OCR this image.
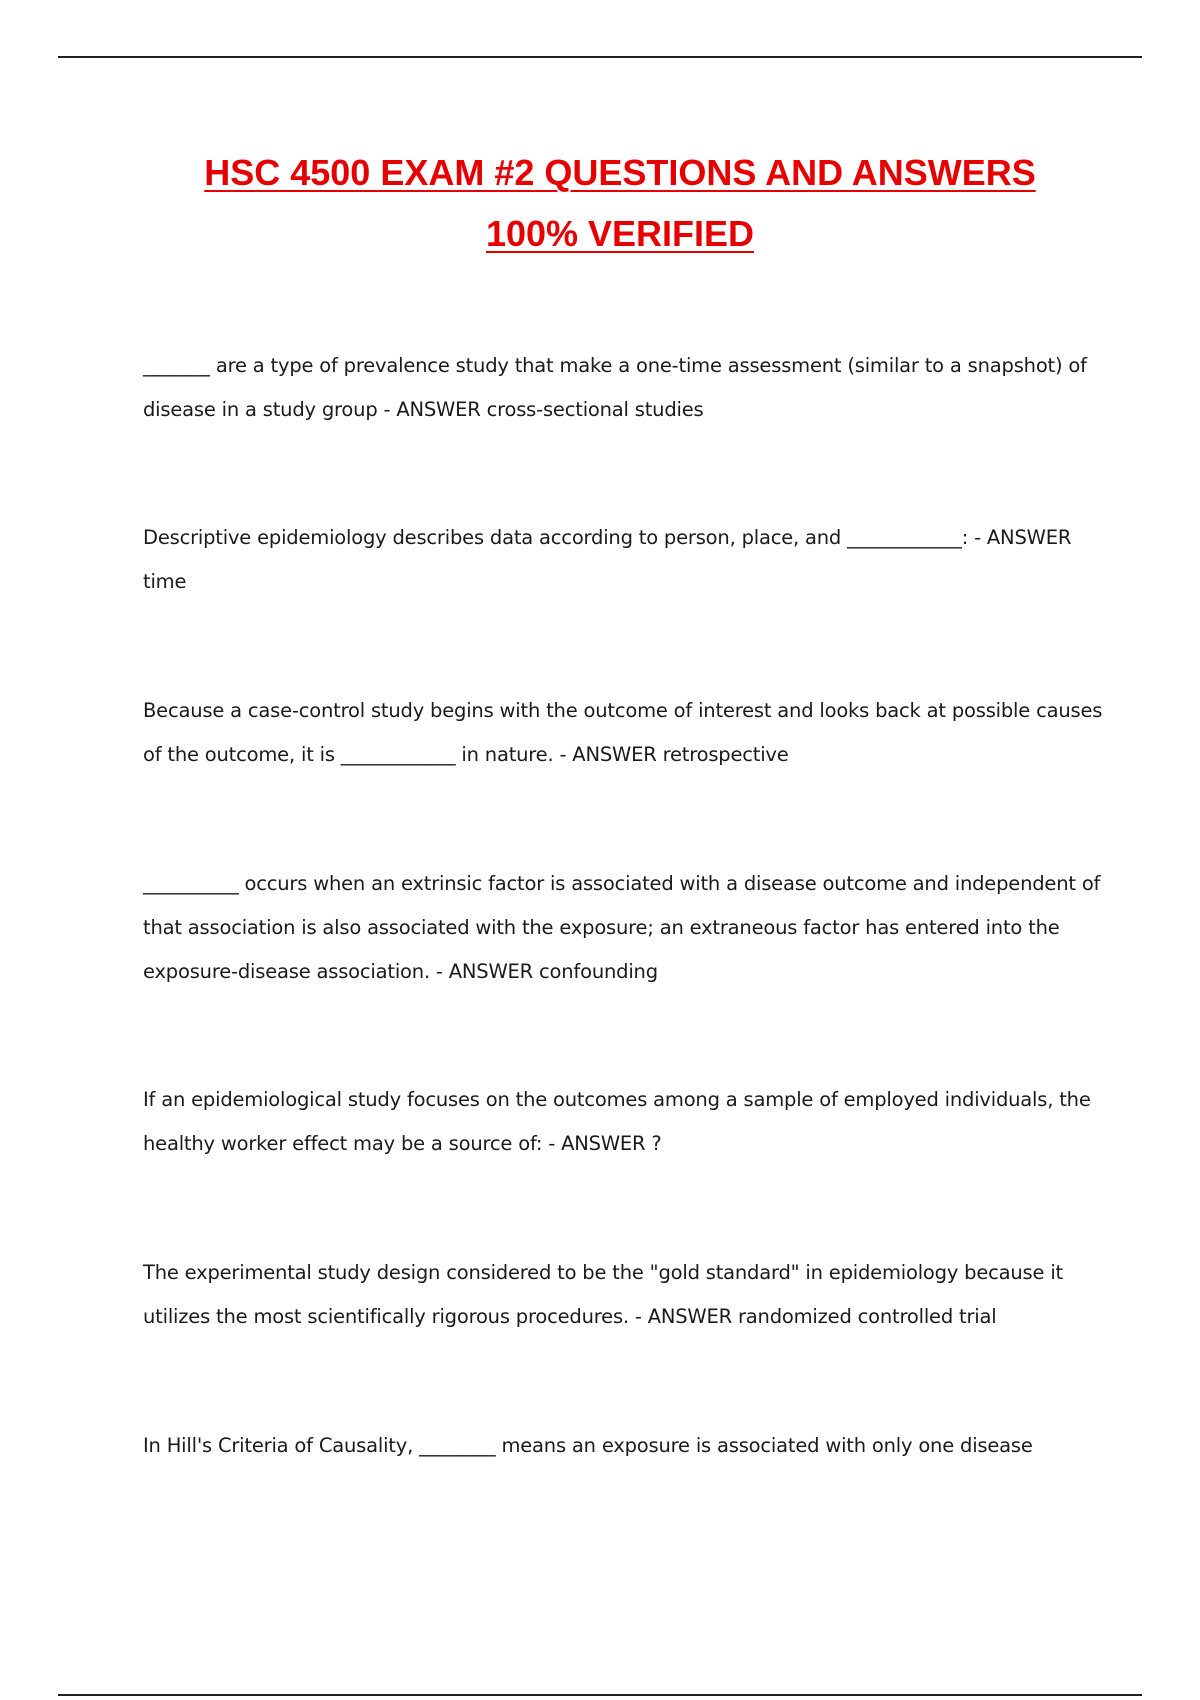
HSC 4500 EXAM #2 QUESTIONS AND ANSWERS
100% VERIFIED

_______ are a type of prevalence study that make a one-time assessment (similar to a snapshot) of disease in a study group - ANSWER cross-sectional studies

Descriptive epidemiology describes data according to person, place, and ____________: - ANSWER time

Because a case-control study begins with the outcome of interest and looks back at possible causes of the outcome, it is ____________ in nature. - ANSWER retrospective

__________ occurs when an extrinsic factor is associated with a disease outcome and independent of that association is also associated with the exposure; an extraneous factor has entered into the exposure-disease association. - ANSWER confounding

If an epidemiological study focuses on the outcomes among a sample of employed individuals, the healthy worker effect may be a source of: - ANSWER ?

The experimental study design considered to be the "gold standard" in epidemiology because it utilizes the most scientifically rigorous procedures. - ANSWER randomized controlled trial

In Hill's Criteria of Causality, ________ means an exposure is associated with only one disease
